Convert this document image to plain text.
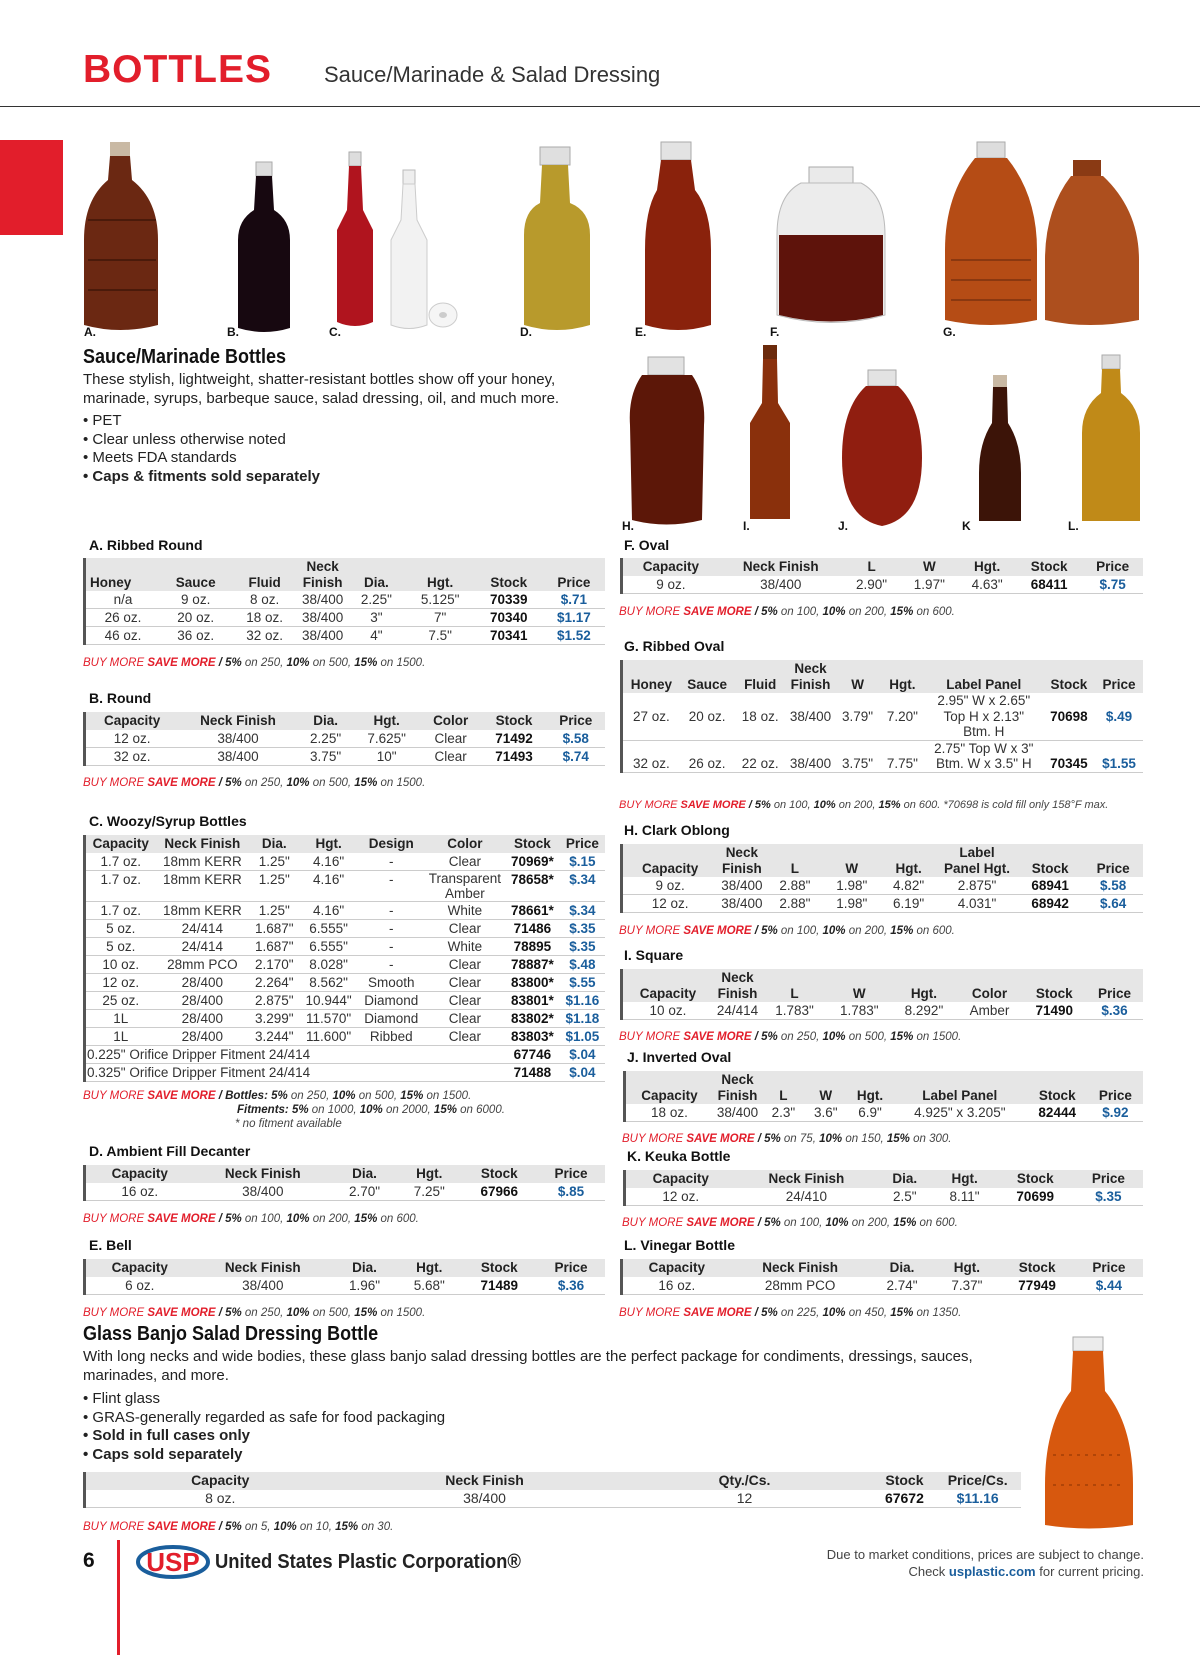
BOTTLES Sauce/Marinade & Salad Dressing
A.	B.	C.	D.	E.	F.	G.
H.	I.	J.	K	L.
Sauce/Marinade Bottles
These stylish, lightweight, shatter-resistant bottles show off your honey, marinade, syrups, barbeque sauce, salad dressing, oil, and much more.
• PET
• Clear unless otherwise noted
• Meets FDA standards
• Caps & fitments sold separately
A. Ribbed Round
Honey	Sauce	Fluid	Neck Finish	Dia.	Hgt.	Stock	Price
n/a	9 oz.	8 oz.	38/400	2.25"	5.125"	70339	$.71
26 oz.	20 oz.	18 oz.	38/400	3"	7"	70340	$1.17
46 oz.	36 oz.	32 oz.	38/400	4"	7.5"	70341	$1.52
BUY MORE SAVE MORE / 5% on 250, 10% on 500, 15% on 1500.
B. Round
Capacity	Neck Finish	Dia.	Hgt.	Color	Stock	Price
12 oz.	38/400	2.25"	7.625"	Clear	71492	$.58
32 oz.	38/400	3.75"	10"	Clear	71493	$.74
BUY MORE SAVE MORE / 5% on 250, 10% on 500, 15% on 1500.
C. Woozy/Syrup Bottles
Capacity	Neck Finish	Dia.	Hgt.	Design	Color	Stock	Price
1.7 oz.	18mm KERR	1.25"	4.16"	-	Clear	70969*	$.15
1.7 oz.	18mm KERR	1.25"	4.16"	-	Transparent Amber	78658*	$.34
1.7 oz.	18mm KERR	1.25"	4.16"	-	White	78661*	$.34
5 oz.	24/414	1.687"	6.555"	-	Clear	71486	$.35
5 oz.	24/414	1.687"	6.555"	-	White	78895	$.35
10 oz.	28mm PCO	2.170"	8.028"	-	Clear	78887*	$.48
12 oz.	28/400	2.264"	8.562"	Smooth	Clear	83800*	$.55
25 oz.	28/400	2.875"	10.944"	Diamond	Clear	83801*	$1.16
1L	28/400	3.299"	11.570"	Diamond	Clear	83802*	$1.18
1L	28/400	3.244"	11.600"	Ribbed	Clear	83803*	$1.05
0.225" Orifice Dripper Fitment 24/414						67746	$.04
0.325" Orifice Dripper Fitment 24/414						71488	$.04
BUY MORE SAVE MORE / Bottles: 5% on 250, 10% on 500, 15% on 1500.
Fitments: 5% on 1000, 10% on 2000, 15% on 6000.
* no fitment available
D. Ambient Fill Decanter
Capacity	Neck Finish	Dia.	Hgt.	Stock	Price
16 oz.	38/400	2.70"	7.25"	67966	$.85
BUY MORE SAVE MORE / 5% on 100, 10% on 200, 15% on 600.
E. Bell
Capacity	Neck Finish	Dia.	Hgt.	Stock	Price
6 oz.	38/400	1.96"	5.68"	71489	$.36
BUY MORE SAVE MORE / 5% on 250, 10% on 500, 15% on 1500.
F. Oval
Capacity	Neck Finish	L	W	Hgt.	Stock	Price
9 oz.	38/400	2.90"	1.97"	4.63"	68411	$.75
BUY MORE SAVE MORE / 5% on 100, 10% on 200, 15% on 600.
G. Ribbed Oval
Honey	Sauce	Fluid	Neck Finish	W	Hgt.	Label Panel	Stock	Price
27 oz.	20 oz.	18 oz.	38/400	3.79"	7.20"	2.95" W x 2.65" Top H x 2.13" Btm. H	70698	$.49
32 oz.	26 oz.	22 oz.	38/400	3.75"	7.75"	2.75" Top W x 3" Btm. W x 3.5" H	70345	$1.55
BUY MORE SAVE MORE / 5% on 100, 10% on 200, 15% on 600. *70698 is cold fill only 158°F max.
H. Clark Oblong
Capacity	Neck Finish	L	W	Hgt.	Label Panel Hgt.	Stock	Price
9 oz.	38/400	2.88"	1.98"	4.82"	2.875"	68941	$.58
12 oz.	38/400	2.88"	1.98"	6.19"	4.031"	68942	$.64
BUY MORE SAVE MORE / 5% on 100, 10% on 200, 15% on 600.
I. Square
Capacity	Neck Finish	L	W	Hgt.	Color	Stock	Price
10 oz.	24/414	1.783"	1.783"	8.292"	Amber	71490	$.36
BUY MORE SAVE MORE / 5% on 250, 10% on 500, 15% on 1500.
J. Inverted Oval
Capacity	Neck Finish	L	W	Hgt.	Label Panel	Stock	Price
18 oz.	38/400	2.3"	3.6"	6.9"	4.925" x 3.205"	82444	$.92
BUY MORE SAVE MORE / 5% on 75, 10% on 150, 15% on 300.
K. Keuka Bottle
Capacity	Neck Finish	Dia.	Hgt.	Stock	Price
12 oz.	24/410	2.5"	8.11"	70699	$.35
BUY MORE SAVE MORE / 5% on 100, 10% on 200, 15% on 600.
L. Vinegar Bottle
Capacity	Neck Finish	Dia.	Hgt.	Stock	Price
16 oz.	28mm PCO	2.74"	7.37"	77949	$.44
BUY MORE SAVE MORE / 5% on 225, 10% on 450, 15% on 1350.
Glass Banjo Salad Dressing Bottle
With long necks and wide bodies, these glass banjo salad dressing bottles are the perfect package for condiments, dressings, sauces, marinades, and more.
• Flint glass
• GRAS-generally regarded as safe for food packaging
• Sold in full cases only
• Caps sold separately
Capacity	Neck Finish	Qty./Cs.	Stock	Price/Cs.
8 oz.	38/400	12	67672	$11.16
BUY MORE SAVE MORE / 5% on 5, 10% on 10, 15% on 30.
6 USP United States Plastic Corporation®	Due to market conditions, prices are subject to change.
Check usplastic.com for current pricing.
